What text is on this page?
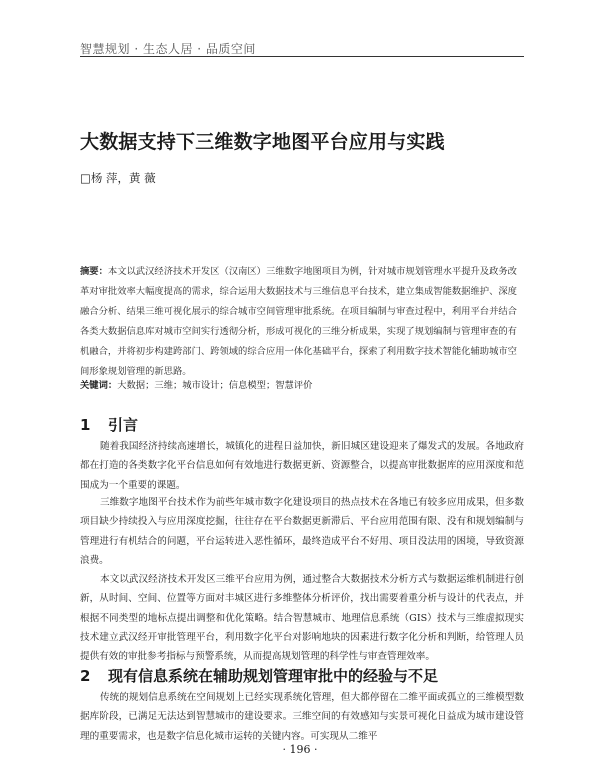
智慧规划 · 生态人居 · 品质空间
大数据支持下三维数字地图平台应用与实践
□杨 萍，黄 薇
摘要：本文以武汉经济技术开发区（汉南区）三维数字地图项目为例，针对城市规划管理水平提升及政务改革对审批效率大幅度提高的需求，综合运用大数据技术与三维信息平台技术，建立集成智能数据维护、深度融合分析、结果三维可视化展示的综合城市空间管理审批系统。在项目编制与审查过程中，利用平台并结合各类大数据信息库对城市空间实行透彻分析，形成可视化的三维分析成果，实现了规划编制与管理审查的有机融合，并将初步构建跨部门、跨领域的综合应用一体化基础平台，探索了利用数字技术智能化辅助城市空间形象规划管理的新思路。
关键词：大数据；三维；城市设计；信息模型；智慧评价
1 引言
随着我国经济持续高速增长，城镇化的进程日益加快，新旧城区建设迎来了爆发式的发展。各地政府都在打造的各类数字化平台信息如何有效地进行数据更新、资源整合，以提高审批数据库的应用深度和范围成为一个重要的课题。
三维数字地图平台技术作为前些年城市数字化建设项目的热点技术在各地已有较多应用成果，但多数项目缺少持续投入与应用深度挖掘，往往存在平台数据更新滞后、平台应用范围有限、没有和规划编制与管理进行有机结合的问题，平台运转进入恶性循环，最终造成平台不好用、项目没法用的困境，导致资源浪费。
本文以武汉经济技术开发区三维平台应用为例，通过整合大数据技术分析方式与数据运维机制进行创新，从时间、空间、位置等方面对丰城区进行多维整体分析评价，找出需要着重分析与设计的代表点，并根据不同类型的地标点提出调整和优化策略。结合智慧城市、地理信息系统（GIS）技术与三维虚拟现实技术建立武汉经开审批管理平台，利用数字化平台对影响地块的因素进行数字化分析和判断，给管理人员提供有效的审批参考指标与预警系统，从而提高规划管理的科学性与审查管理效率。
2 现有信息系统在辅助规划管理审批中的经验与不足
传统的规划信息系统在空间规划上已经实现系统化管理，但大都停留在二维平面或孤立的三维模型数据库阶段，已满足无法达到智慧城市的建设要求。三维空间的有效感知与实景可视化日益成为城市建设管理的重要需求，也是数字信息化城市运转的关键内容。可实现从二维平
· 196 ·
